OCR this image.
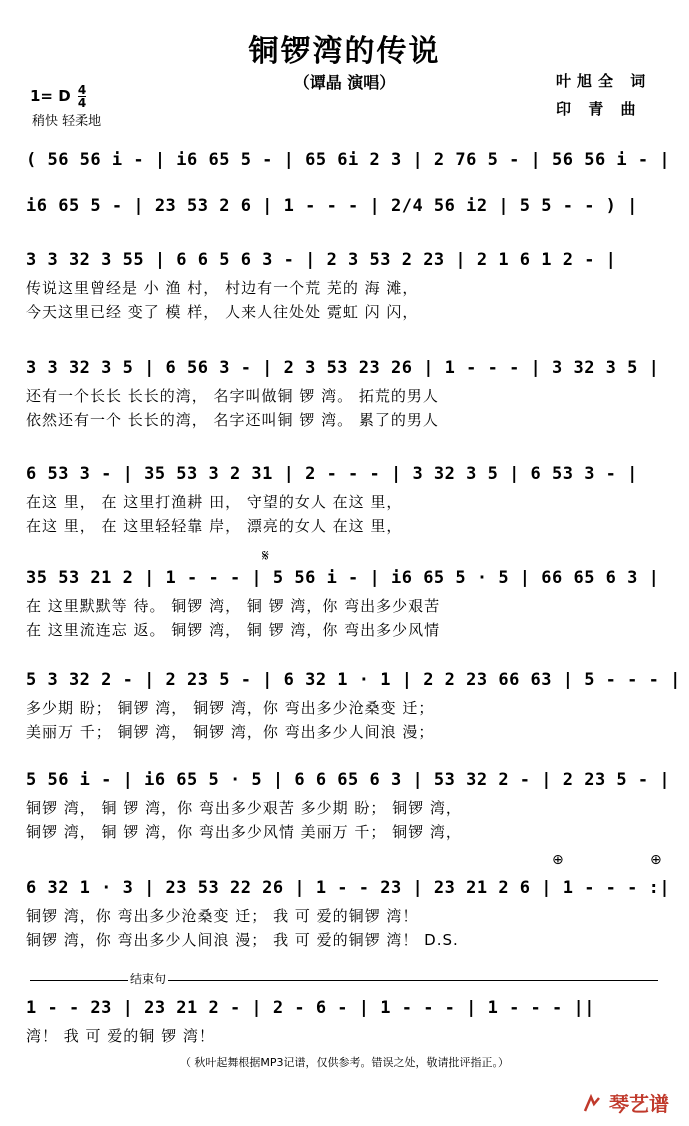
铜锣湾的传说
（谭晶 演唱）
1= D $\frac{4}{4}$
稍快 轻柔地
叶旭全 词
印 青 曲
( 56 56 i - | i6 65 5 - | 65 6i 2 3 | 2 76 5 - | 56 56 i - |
i6 65 5 - | 23 53 2 6 | 1 - - - | 2/4 56 i2 | 5 5 - - ) |
3 3 32 3 55 | 6 6 5 6 3 - | 2 3 53 2 23 | 2 1 6 1 2 - |
传说这里曾经是 小 渔 村， 村边有一个荒 芜的 海 滩，
今天这里已经 变了 模 样， 人来人往处处 霓虹 闪 闪，
3 3 32 3 5 | 6 56 3 - | 2 3 53 23 26 | 1 - - - | 3 32 3 5 |
还有一个长长 长长的湾， 名字叫做铜 锣 湾。 拓荒的男人
依然还有一个 长长的湾， 名字还叫铜 锣 湾。 累了的男人
6 53 3 - | 35 53 3 2 31 | 2 - - - | 3 32 3 5 | 6 53 3 - |
在这 里， 在 这里打渔耕 田， 守望的女人 在这 里，
在这 里， 在 这里轻轻靠 岸， 漂亮的女人 在这 里，
𝄋
35 53 21 2 | 1 - - - | 5 56 i - | i6 65 5 · 5 | 66 65 6 3 |
在 这里默默等 待。 铜锣 湾， 铜 锣 湾，你 弯出多少艰苦
在 这里流连忘 返。 铜锣 湾， 铜 锣 湾，你 弯出多少风情
5 3 32 2 - | 2 23 5 - | 6 32 1 · 1 | 2 2 23 66 63 | 5 - - - |
多少期 盼； 铜锣 湾， 铜锣 湾，你 弯出多少沧桑变 迁；
美丽万 千； 铜锣 湾， 铜锣 湾，你 弯出多少人间浪 漫；
5 56 i - | i6 65 5 · 5 | 6 6 65 6 3 | 53 32 2 - | 2 23 5 - |
铜锣 湾， 铜 锣 湾，你 弯出多少艰苦 多少期 盼； 铜锣 湾，
铜锣 湾， 铜 锣 湾，你 弯出多少风情 美丽万 千； 铜锣 湾，
⊕	⊕
6 32 1 · 3 | 23 53 22 26 | 1 - - 23 | 23 21 2 6 | 1 - - - :|
铜锣 湾，你 弯出多少沧桑变 迁； 我 可 爱的铜锣 湾！
铜锣 湾，你 弯出多少人间浪 漫； 我 可 爱的铜锣 湾！ D.S.
结束句
1 - - 23 | 23 21 2 - | 2 - 6 - | 1 - - - | 1 - - - ||
湾！ 我 可 爱的铜 锣 湾！
（ 秋叶起舞根据MP3记谱，仅供参考。错误之处，敬请批评指正。）
琴艺谱
